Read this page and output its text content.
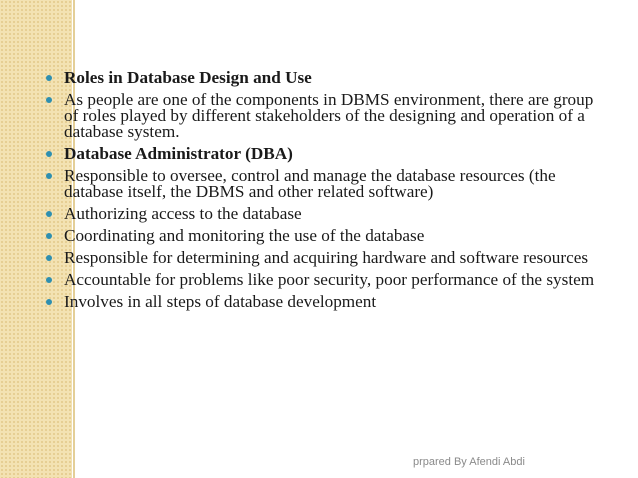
Roles in Database Design and Use
As people are one of the components in DBMS environment, there are group of roles played by different stakeholders of the designing and operation of a database system.
Database Administrator (DBA)
Responsible to oversee, control and manage the database resources (the database itself, the DBMS and other related software)
Authorizing access to the database
Coordinating and monitoring the use of the database
Responsible for determining and acquiring hardware and software resources
Accountable for problems like poor security, poor performance of the system
Involves in all steps of database development
prpared By Afendi Abdi
